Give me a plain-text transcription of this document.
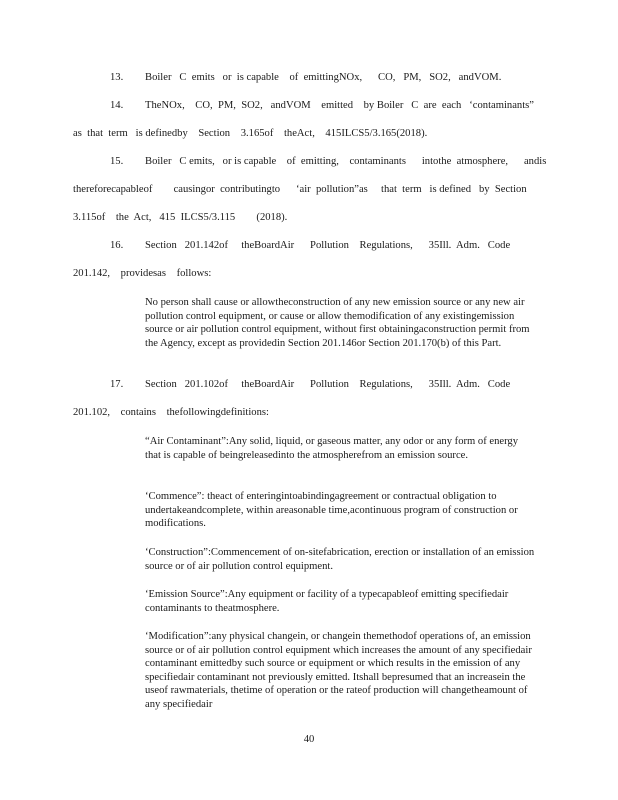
13. Boiler   C  emits   or  is capable    of  emittingNOx,      CO,   PM,   SO2,   andVOM.
14. TheNOx,    CO,  PM,  SO2,   andVOM    emitted    by Boiler   C  are  each   ‘contaminants”
as  that  term   is definedby    Section    3.165of    theAct,    415ILCS5/3.165(2018).
15. Boiler   C emits,   or is capable    of  emitting,    contaminants      intothe  atmosphere,      andis
thereforecapableof        causingor  contributingto      ‘air  pollution”as     that  term   is defined   by  Section
3.115of    the  Act,   415  ILCS5/3.115        (2018).
16. Section   201.142of     theBoardAir      Pollution    Regulations,      35Ill.  Adm.   Code
201.142,    providesas    follows:
No person shall cause or allowtheconstruction of any new emission source or any new air pollution control equipment, or cause or allow themodification of any existingemission source or air pollution control equipment, without first obtainingaconstruction permit from the Agency, except as providedin Section 201.146or Section 201.170(b) of this Part.
17. Section   201.102of     theBoardAir      Pollution    Regulations,      35Ill.  Adm.   Code
201.102,    contains    thefollowingdefinitions:
“Air Contaminant”:Any solid, liquid, or gaseous matter, any odor or any form of energy that is capable of beingreleasedinto the atmospherefrom an emission source.
‘Commence”: theact of enteringintoabindingagreement or contractual obligation to undertakeandcomplete, within areasonable time,acontinuous program of construction or modifications.
‘Construction”:Commencement of on-sitefabrication, erection or installation of an emission source or of air pollution control equipment.
‘Emission Source”:Any equipment or facility of a typecapableof emitting specifiedair contaminants to theatmosphere.
‘Modification”:any physical changein, or changein themethodof operations of, an emission source or of air pollution control equipment which increases the amount of any specifiedair contaminant emittedby such source or equipment or which results in the emission of any specifiedair contaminant not previously emitted. Itshall bepresumed that an increasein the useof rawmaterials, thetime of operation or the rateof production will changetheamount of any specifiedair
40
